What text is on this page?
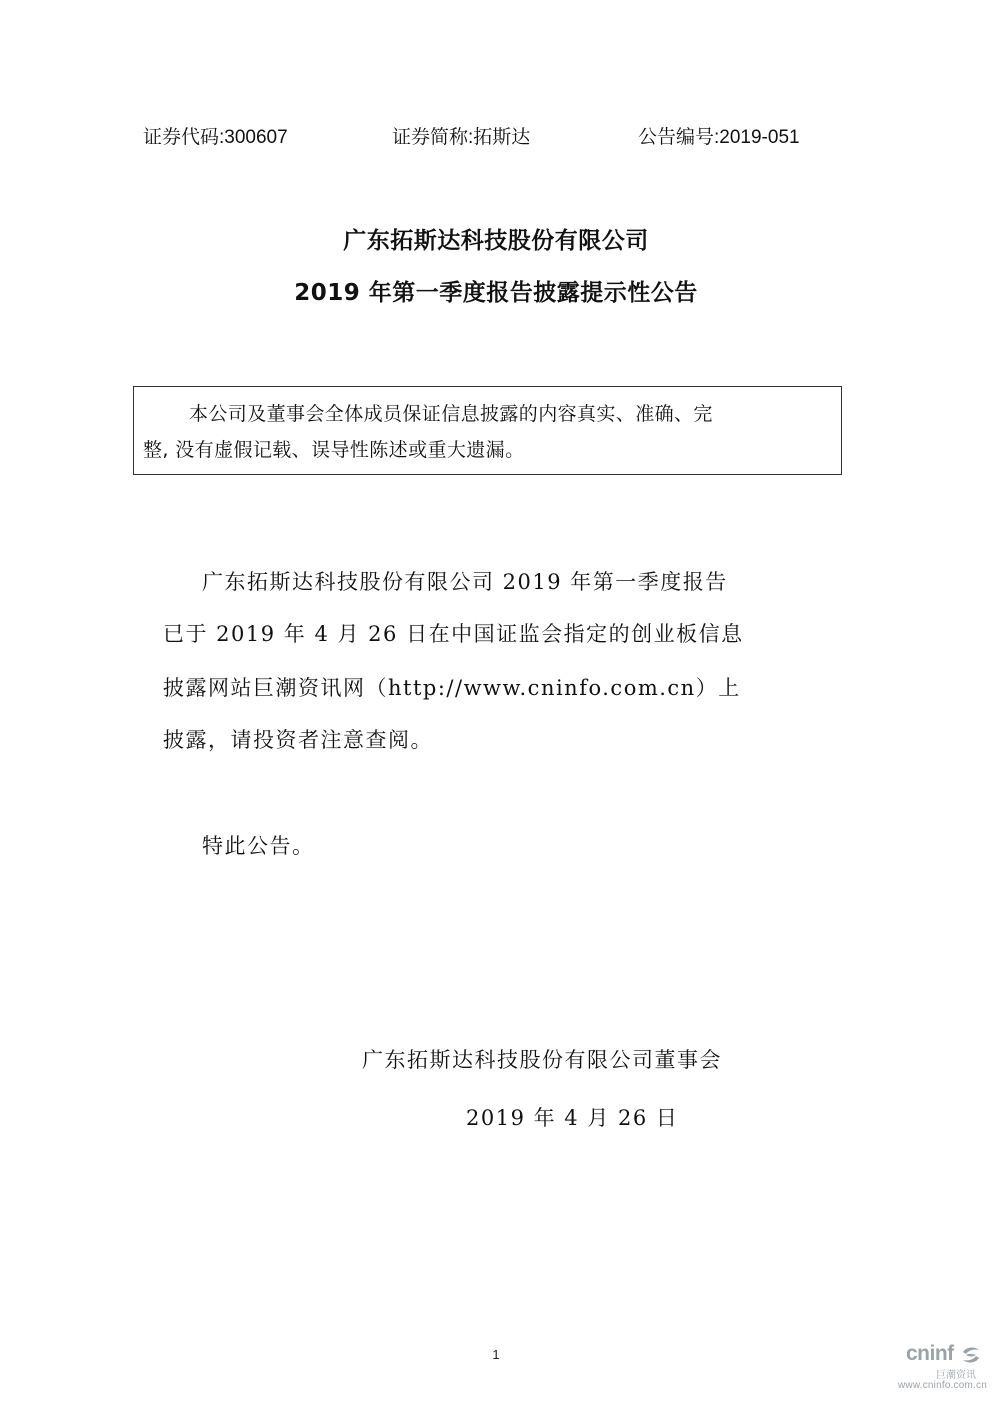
证券代码:300607	证券简称:拓斯达	公告编号:2019-051
广东拓斯达科技股份有限公司
2019 年第一季度报告披露提示性公告
本公司及董事会全体成员保证信息披露的内容真实、准确、完
整, 没有虚假记载、误导性陈述或重大遗漏。
广东拓斯达科技股份有限公司 2019 年第一季度报告
已于 2019 年 4 月 26 日在中国证监会指定的创业板信息
披露网站巨潮资讯网（http://www.cninfo.com.cn）上
披露，请投资者注意查阅。
特此公告。
广东拓斯达科技股份有限公司董事会
2019 年 4 月 26 日
1	cninf
巨潮资讯
www.cninfo.com.cn
